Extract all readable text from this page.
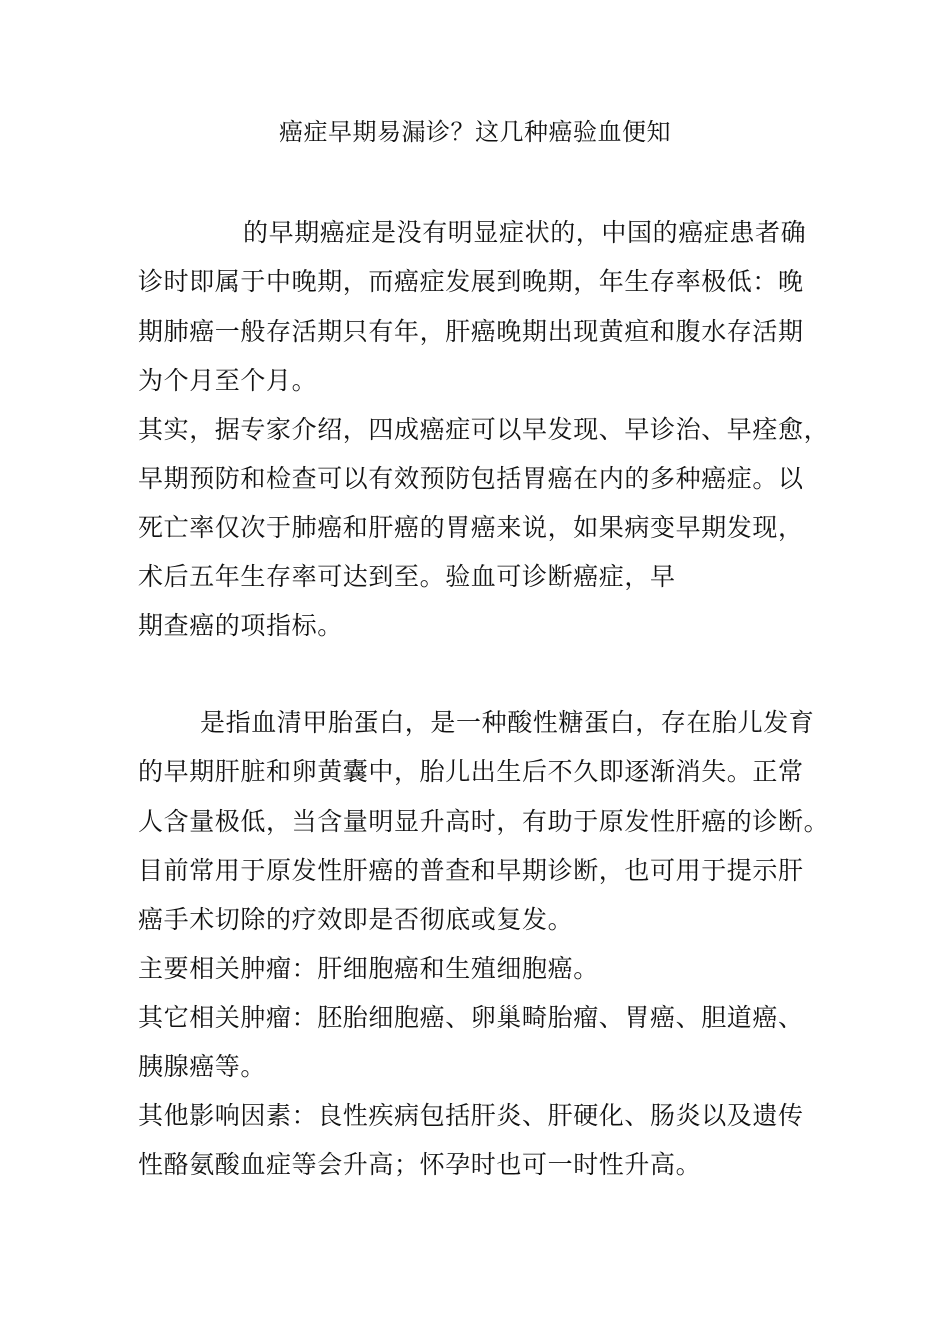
癌症早期易漏诊？这几种癌验血便知
的早期癌症是没有明显症状的，中国的癌症患者确
诊时即属于中晚期，而癌症发展到晚期，年生存率极低：晚
期肺癌一般存活期只有年，肝癌晚期出现黄疸和腹水存活期
为个月至个月。
其实，据专家介绍，四成癌症可以早发现、早诊治、早痊愈，
早期预防和检查可以有效预防包括胃癌在内的多种癌症。以
死亡率仅次于肺癌和肝癌的胃癌来说，如果病变早期发现，
术后五年生存率可达到至。验血可诊断癌症，早
期查癌的项指标。
是指血清甲胎蛋白，是一种酸性糖蛋白，存在胎儿发育
的早期肝脏和卵黄囊中，胎儿出生后不久即逐渐消失。正常
人含量极低，当含量明显升高时，有助于原发性肝癌的诊断。
目前常用于原发性肝癌的普查和早期诊断，也可用于提示肝
癌手术切除的疗效即是否彻底或复发。
主要相关肿瘤：肝细胞癌和生殖细胞癌。
其它相关肿瘤：胚胎细胞癌、卵巢畸胎瘤、胃癌、胆道癌、
胰腺癌等。
其他影响因素：良性疾病包括肝炎、肝硬化、肠炎以及遗传
性酪氨酸血症等会升高；怀孕时也可一时性升高。
